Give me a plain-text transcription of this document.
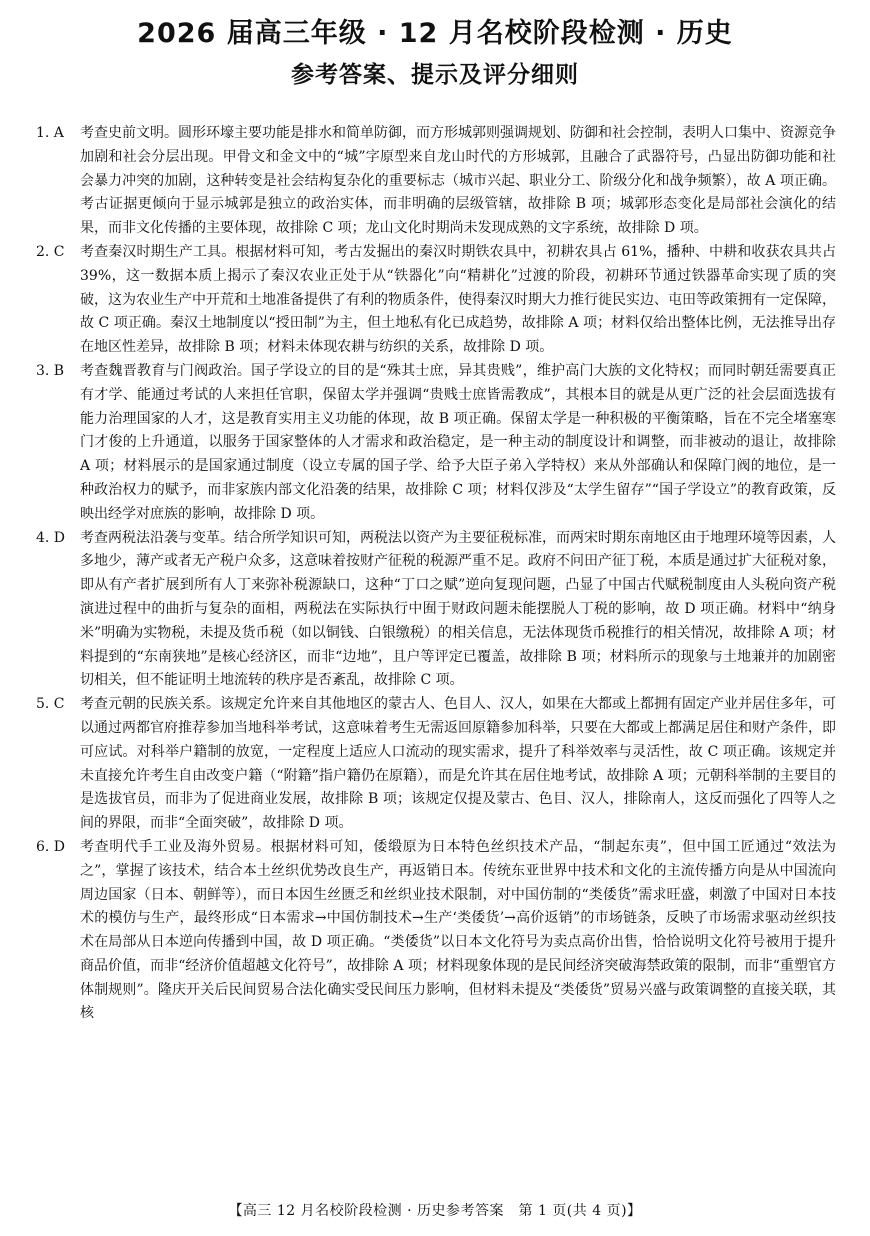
2026 届高三年级 · 12 月名校阶段检测 · 历史
参考答案、提示及评分细则

1. A	考查史前文明。圆形环壕主要功能是排水和简单防御，而方形城郭则强调规划、防御和社会控制，表明人口集中、资源竞争加剧和社会分层出现。甲骨文和金文中的“城”字原型来自龙山时代的方形城郭，且融合了武器符号，凸显出防御功能和社会暴力冲突的加剧，这种转变是社会结构复杂化的重要标志（城市兴起、职业分工、阶级分化和战争频繁），故 A 项正确。考古证据更倾向于显示城郭是独立的政治实体，而非明确的层级管辖，故排除 B 项；城郭形态变化是局部社会演化的结果，而非文化传播的主要体现，故排除 C 项；龙山文化时期尚未发现成熟的文字系统，故排除 D 项。

2. C	考查秦汉时期生产工具。根据材料可知，考古发掘出的秦汉时期铁农具中，初耕农具占 61%，播种、中耕和收获农具共占 39%，这一数据本质上揭示了秦汉农业正处于从“铁器化”向“精耕化”过渡的阶段，初耕环节通过铁器革命实现了质的突破，这为农业生产中开荒和土地准备提供了有利的物质条件，使得秦汉时期大力推行徙民实边、屯田等政策拥有一定保障，故 C 项正确。秦汉土地制度以“授田制”为主，但土地私有化已成趋势，故排除 A 项；材料仅给出整体比例，无法推导出存在地区性差异，故排除 B 项；材料未体现农耕与纺织的关系，故排除 D 项。

3. B	考查魏晋教育与门阀政治。国子学设立的目的是“殊其士庶，异其贵贱”，维护高门大族的文化特权；而同时朝廷需要真正有才学、能通过考试的人来担任官职，保留太学并强调“贵贱士庶皆需教成”，其根本目的就是从更广泛的社会层面选拔有能力治理国家的人才，这是教育实用主义功能的体现，故 B 项正确。保留太学是一种积极的平衡策略，旨在不完全堵塞寒门才俊的上升通道，以服务于国家整体的人才需求和政治稳定，是一种主动的制度设计和调整，而非被动的退让，故排除 A 项；材料展示的是国家通过制度（设立专属的国子学、给予大臣子弟入学特权）来从外部确认和保障门阀的地位，是一种政治权力的赋予，而非家族内部文化沿袭的结果，故排除 C 项；材料仅涉及“太学生留存”“国子学设立”的教育政策，反映出经学对庶族的影响，故排除 D 项。

4. D	考查两税法沿袭与变革。结合所学知识可知，两税法以资产为主要征税标准，而两宋时期东南地区由于地理环境等因素，人多地少，薄产或者无产税户众多，这意味着按财产征税的税源严重不足。政府不问田产征丁税，本质是通过扩大征税对象，即从有产者扩展到所有人丁来弥补税源缺口，这种“丁口之赋”逆向复现问题，凸显了中国古代赋税制度由人头税向资产税演进过程中的曲折与复杂的面相，两税法在实际执行中囿于财政问题未能摆脱人丁税的影响，故 D 项正确。材料中“纳身米”明确为实物税，未提及货币税（如以铜钱、白银缴税）的相关信息，无法体现货币税推行的相关情况，故排除 A 项；材料提到的“东南狭地”是核心经济区，而非“边地”，且户等评定已覆盖，故排除 B 项；材料所示的现象与土地兼并的加剧密切相关，但不能证明土地流转的秩序是否紊乱，故排除 C 项。

5. C	考查元朝的民族关系。该规定允许来自其他地区的蒙古人、色目人、汉人，如果在大都或上都拥有固定产业并居住多年，可以通过两都官府推荐参加当地科举考试，这意味着考生无需返回原籍参加科举，只要在大都或上都满足居住和财产条件，即可应试。对科举户籍制的放宽，一定程度上适应人口流动的现实需求，提升了科举效率与灵活性，故 C 项正确。该规定并未直接允许考生自由改变户籍（“附籍”指户籍仍在原籍），而是允许其在居住地考试，故排除 A 项；元朝科举制的主要目的是选拔官员，而非为了促进商业发展，故排除 B 项；该规定仅提及蒙古、色目、汉人，排除南人，这反而强化了四等人之间的界限，而非“全面突破”，故排除 D 项。

6. D	考查明代手工业及海外贸易。根据材料可知，倭缎原为日本特色丝织技术产品，“制起东夷”，但中国工匠通过“效法为之”，掌握了该技术，结合本土丝织优势改良生产，再返销日本。传统东亚世界中技术和文化的主流传播方向是从中国流向周边国家（日本、朝鲜等），而日本因生丝匮乏和丝织业技术限制，对中国仿制的“类倭货”需求旺盛，刺激了中国对日本技术的模仿与生产，最终形成“日本需求→中国仿制技术→生产‘类倭货’→高价返销”的市场链条，反映了市场需求驱动丝织技术在局部从日本逆向传播到中国，故 D 项正确。“类倭货”以日本文化符号为卖点高价出售，恰恰说明文化符号被用于提升商品价值，而非“经济价值超越文化符号”，故排除 A 项；材料现象体现的是民间经济突破海禁政策的限制，而非“重塑官方体制规则”。隆庆开关后民间贸易合法化确实受民间压力影响，但材料未提及“类倭货”贸易兴盛与政策调整的直接关联，其核

【高三 12 月名校阶段检测 · 历史参考答案　第 1 页(共 4 页)】
